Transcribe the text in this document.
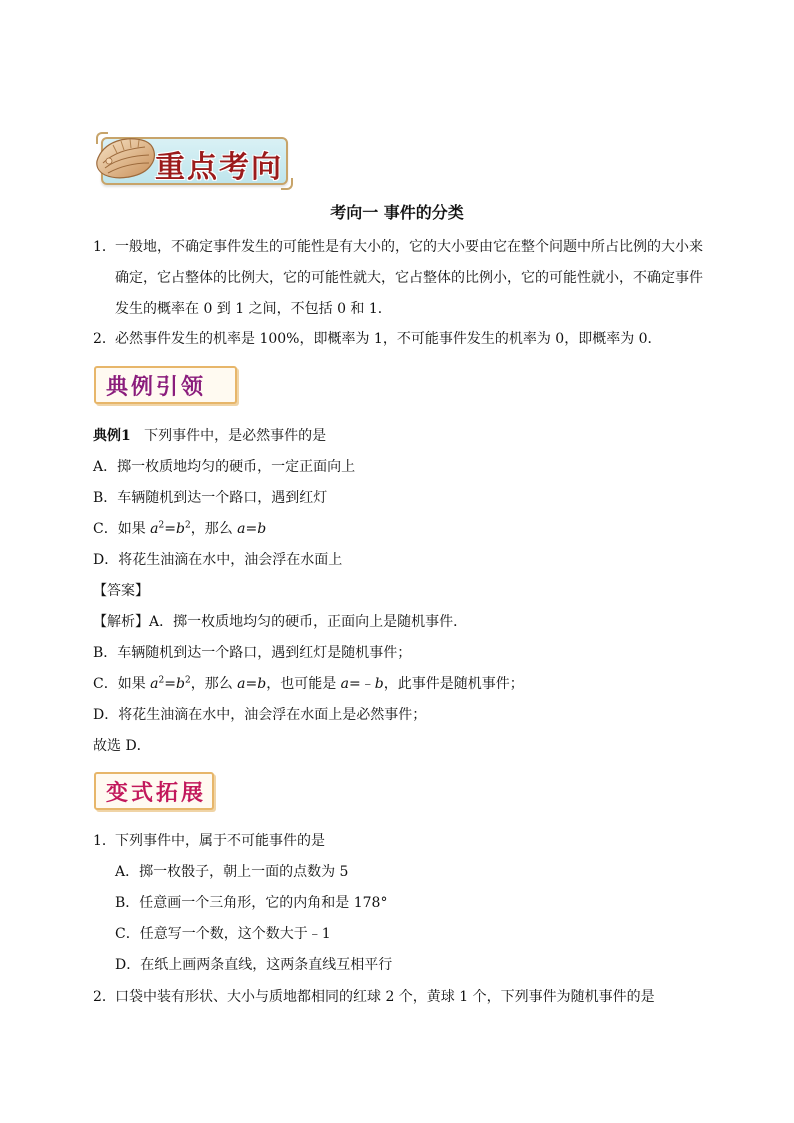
重点考向
考向一 事件的分类
1．一般地，不确定事件发生的可能性是有大小的，它的大小要由它在整个问题中所占比例的大小来
确定，它占整体的比例大，它的可能性就大，它占整体的比例小，它的可能性就小，不确定事件
发生的概率在 0 到 1 之间，不包括 0 和 1．
2．必然事件发生的机率是 100%，即概率为 1，不可能事件发生的机率为 0，即概率为 0．
典例引领
典例1 下列事件中，是必然事件的是
A．掷一枚质地均匀的硬币，一定正面向上
B．车辆随机到达一个路口，遇到红灯
C．如果 $a^2=b^2$，那么 a=b
D．将花生油滴在水中，油会浮在水面上
【答案】
【解析】A．掷一枚质地均匀的硬币，正面向上是随机事件．
B．车辆随机到达一个路口，遇到红灯是随机事件；
C．如果 $a^2=b^2$，那么 a=b，也可能是 a=﹣b，此事件是随机事件；
D．将花生油滴在水中，油会浮在水面上是必然事件；
故选 D．
变式拓展
1．下列事件中，属于不可能事件的是
A．掷一枚骰子，朝上一面的点数为 5
B．任意画一个三角形，它的内角和是 178°
C．任意写一个数，这个数大于﹣1
D．在纸上画两条直线，这两条直线互相平行
2．口袋中装有形状、大小与质地都相同的红球 2 个，黄球 1 个，下列事件为随机事件的是
